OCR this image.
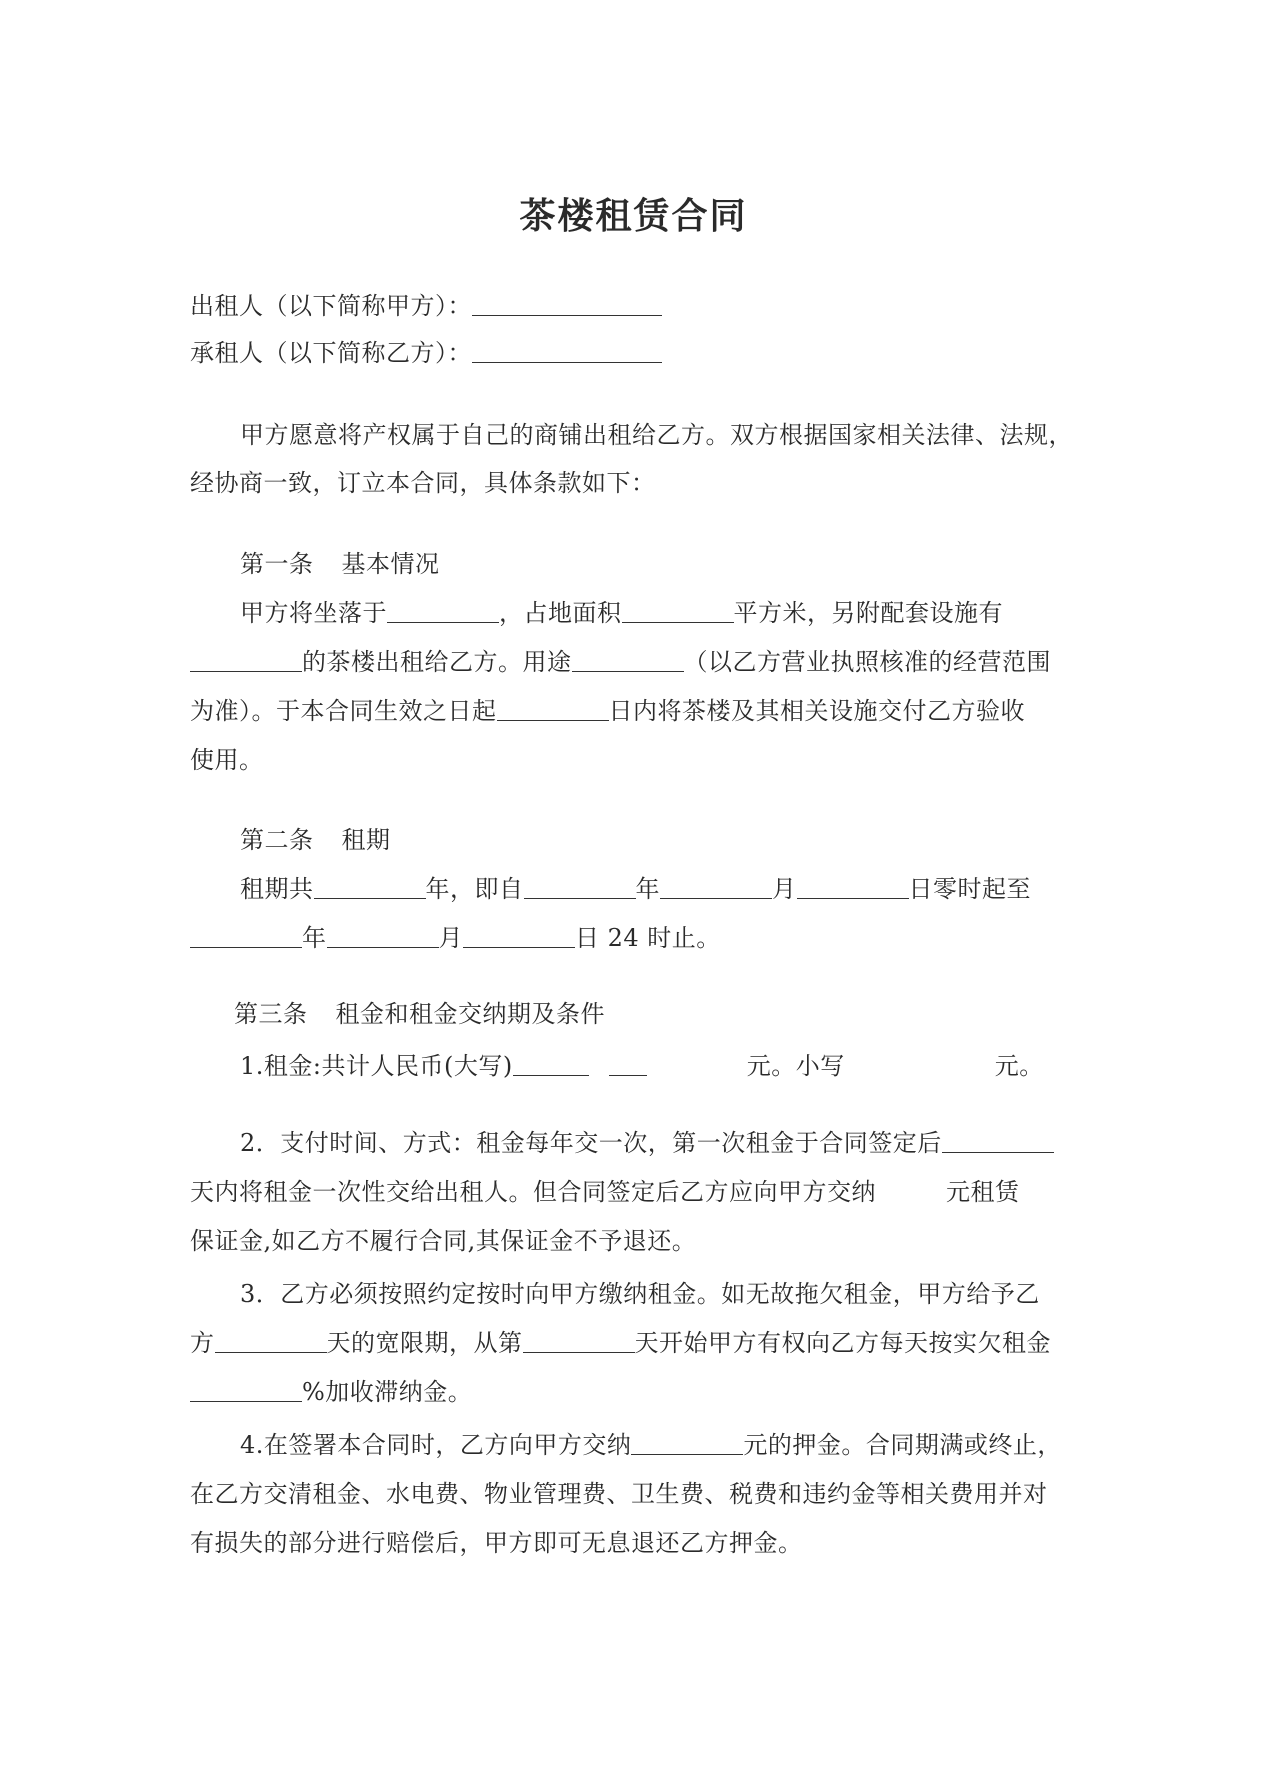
茶楼租赁合同
出租人（以下简称甲方）：
承租人（以下简称乙方）：
甲方愿意将产权属于自己的商铺出租给乙方。双方根据国家相关法律、法规，
经协商一致，订立本合同，具体条款如下：
第一条 基本情况
甲方将坐落于	，占地面积	平方米，另附配套设施有
的茶楼出租给乙方。用途	（以乙方营业执照核准的经营范围
为准）。于本合同生效之日起	日内将茶楼及其相关设施交付乙方验收
使用。
第二条 租期
租期共	年，即自	年	月	日零时起至
年	月	日 24 时止。
第三条 租金和租金交纳期及条件
1.租金:共计人民币(大写)	元。小写	元。
2．支付时间、方式：租金每年交一次，第一次租金于合同签定后
天内将租金一次性交给出租人。但合同签定后乙方应向甲方交纳	元租赁
保证金,如乙方不履行合同,其保证金不予退还。
3．乙方必须按照约定按时向甲方缴纳租金。如无故拖欠租金，甲方给予乙
方	天的宽限期，从第	天开始甲方有权向乙方每天按实欠租金
%加收滞纳金。
4.在签署本合同时，乙方向甲方交纳	元的押金。合同期满或终止，
在乙方交清租金、水电费、物业管理费、卫生费、税费和违约金等相关费用并对
有损失的部分进行赔偿后，甲方即可无息退还乙方押金。
